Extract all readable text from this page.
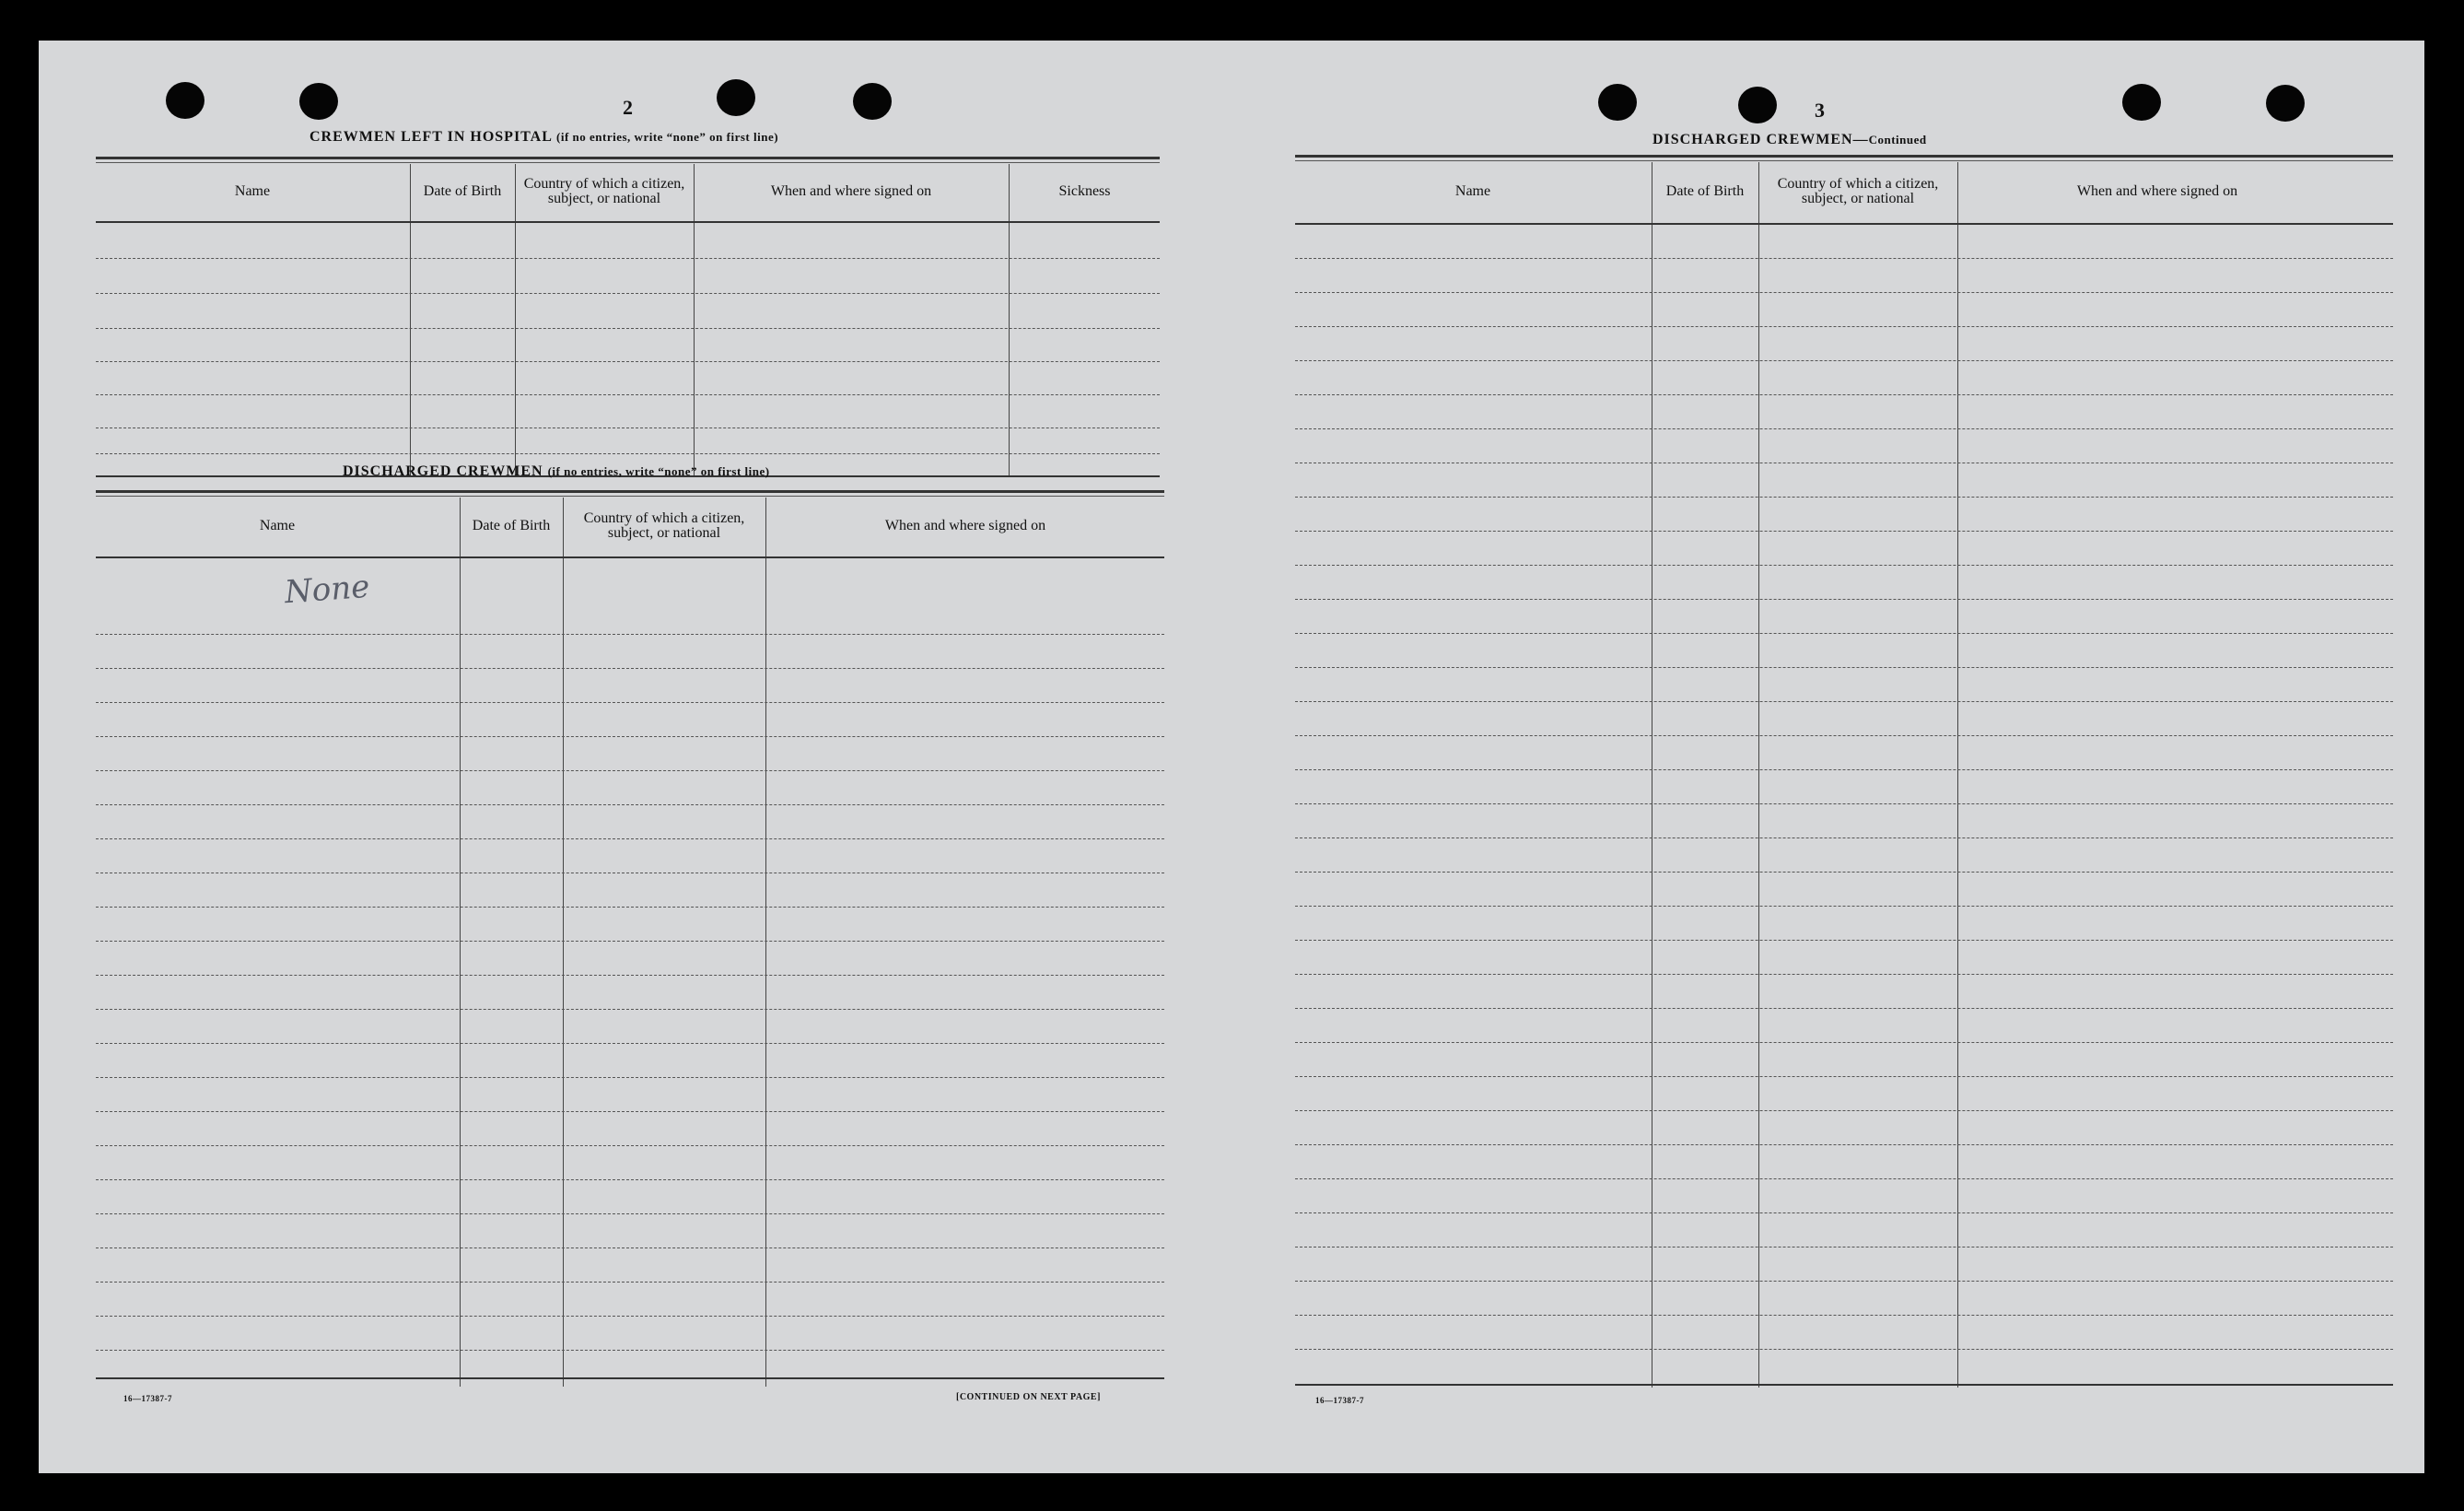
2
CREWMEN LEFT IN HOSPITAL (if no entries, write “none” on first line)
Name	Date of Birth	Country of which a citizen, subject, or national	When and where signed on	Sickness
DISCHARGED CREWMEN (if no entries, write “none” on first line)
Name	Date of Birth	Country of which a citizen, subject, or national	When and where signed on
None
16—17387-7	[CONTINUED ON NEXT PAGE]
3
DISCHARGED CREWMEN—Continued
Name	Date of Birth	Country of which a citizen, subject, or national	When and where signed on
16—17387-7
